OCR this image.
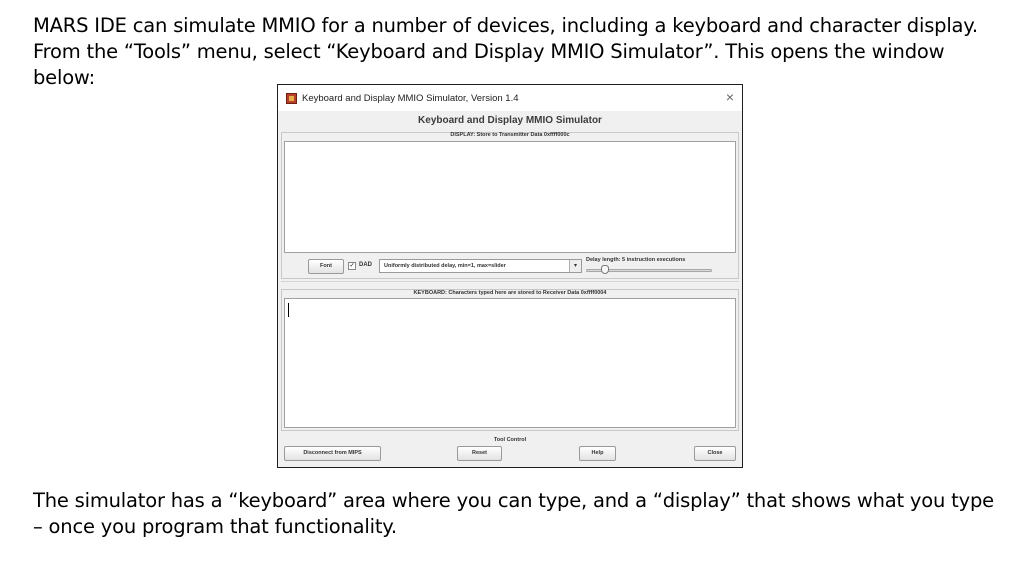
MARS IDE can simulate MMIO for a number of devices, including a keyboard and character display. From the “Tools” menu, select “Keyboard and Display MMIO Simulator”. This opens the window below:
Keyboard and Display MMIO Simulator, Version 1.4	×
Keyboard and Display MMIO Simulator
DISPLAY: Store to Transmitter Data 0xffff000c
Font	✓ DAD Uniformly distributed delay, min=1, max=slider	▾
Delay length: 5 instruction executions
KEYBOARD: Characters typed here are stored to Receiver Data 0xffff0004
Tool Control
Disconnect from MIPS	Reset	Help	Close
The simulator has a “keyboard” area where you can type, and a “display” that shows what you type – once you program that functionality.
